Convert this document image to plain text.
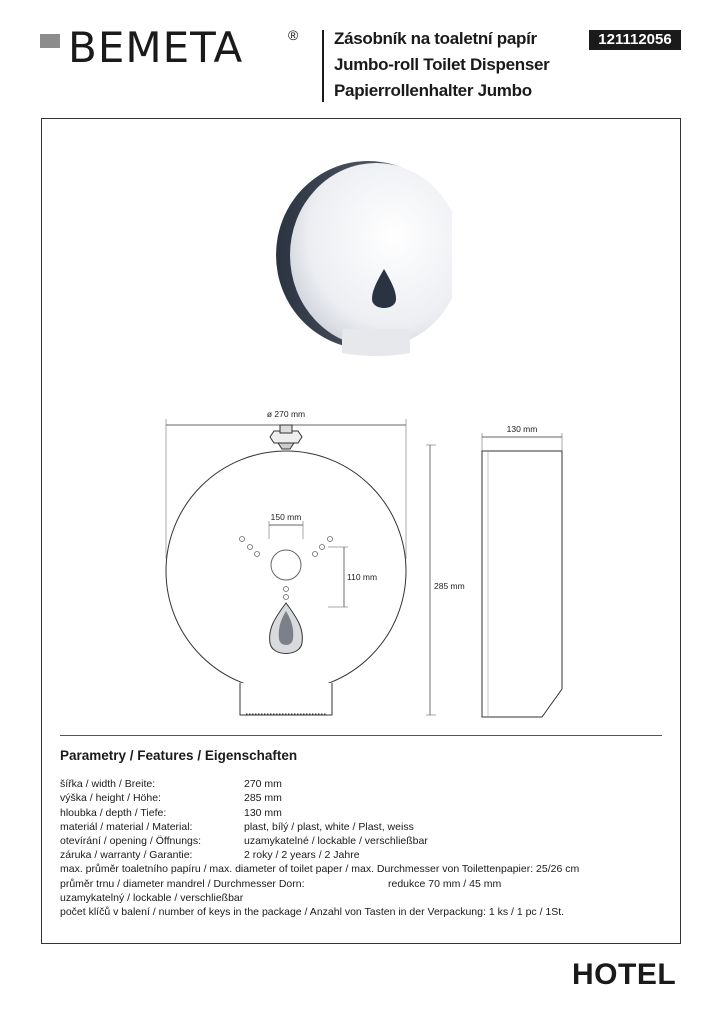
BEMETA	® Zásobník na toaletní papír
Jumbo-roll Toilet Dispenser
Papierrollenhalter Jumbo
121112056
ø 270 mm
150 mm
110 mm
285 mm
130 mm
Parametry / Features / Eigenschaften
šířka / width / Breite:	270 mm
výška / height / Höhe:	285 mm
hloubka / depth / Tiefe:	130 mm
materiál / material / Material:	plast, bílý / plast, white / Plast, weiss
otevírání / opening / Öffnungs:	uzamykatelné / lockable / verschließbar
záruka / warranty / Garantie:	2 roky / 2 years / 2 Jahre
max. průměr toaletního papíru / max. diameter of toilet paper / max. Durchmesser von Toilettenpapier: 25/26 cm
průměr trnu / diameter mandrel / Durchmesser Dorn:	redukce 70 mm / 45 mm
uzamykatelný / lockable / verschließbar
počet klíčů v balení / number of keys in the package / Anzahl von Tasten in der Verpackung: 1 ks / 1 pc / 1St.
HOTEL
